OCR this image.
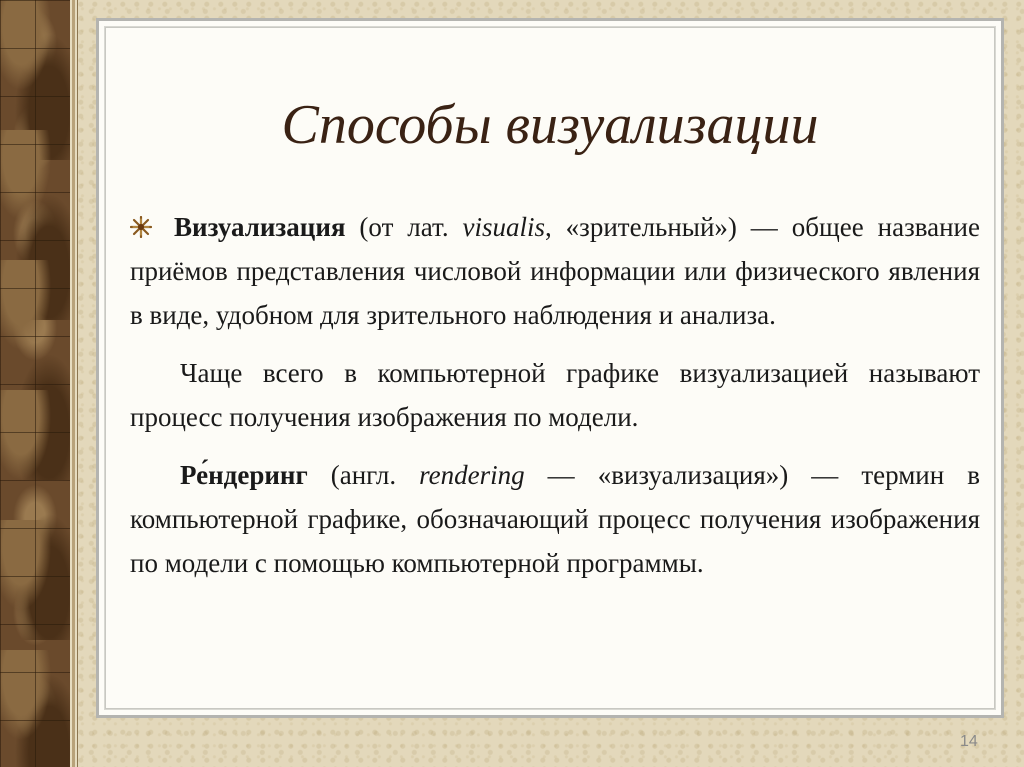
Способы визуализации

Визуализация (от лат. visualis, «зрительный») — общее название приёмов представления числовой информации или физического явления в виде, удобном для зрительного наблюдения и анализа.

Чаще всего в компьютерной графике визуализацией называют процесс получения изображения по модели.

Ре́ндеринг (англ. rendering — «визуализация») — термин в компьютерной графике, обозначающий процесс получения изображения по модели с помощью компьютерной программы.

14
